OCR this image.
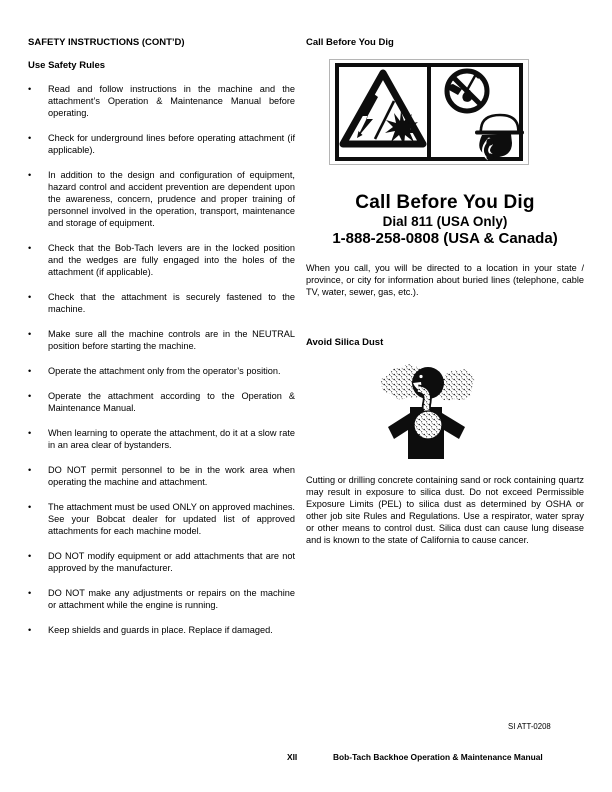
SAFETY INSTRUCTIONS (CONT’D)
Use Safety Rules
•	Read and follow instructions in the machine and the attachment’s Operation & Maintenance Manual before operating.
•	Check for underground lines before operating attachment (if applicable).
•	In addition to the design and configuration of equipment, hazard control and accident prevention are dependent upon the awareness, concern, prudence and proper training of personnel involved in the operation, transport, maintenance and storage of equipment.
•	Check that the Bob-Tach levers are in the locked position and the wedges are fully engaged into the holes of the attachment (if applicable).
•	Check that the attachment is securely fastened to the machine.
•	Make sure all the machine controls are in the NEUTRAL position before starting the machine.
•	Operate the attachment only from the operator’s position.
•	Operate the attachment according to the Operation & Maintenance Manual.
•	When learning to operate the attachment, do it at a slow rate in an area clear of bystanders.
•	DO NOT permit personnel to be in the work area when operating the machine and attachment.
•	The attachment must be used ONLY on approved machines. See your Bobcat dealer for updated list of approved attachments for each machine model.
•	DO NOT modify equipment or add attachments that are not approved by the manufacturer.
•	DO NOT make any adjustments or repairs on the machine or attachment while the engine is running.
•	Keep shields and guards in place. Replace if damaged.
Call Before You Dig
Call Before You Dig
Dial 811 (USA Only)
1-888-258-0808 (USA & Canada)
When you call, you will be directed to a location in your state / province, or city for information about buried lines (telephone, cable TV, water, sewer, gas, etc.).
Avoid Silica Dust
Cutting or drilling concrete containing sand or rock containing quartz may result in exposure to silica dust. Do not exceed Permissible Exposure Limits (PEL) to silica dust as determined by OSHA or other job site Rules and Regulations. Use a respirator, water spray or other means to control dust. Silica dust can cause lung disease and is known to the state of California to cause cancer.
SI ATT-0208
XII	Bob-Tach Backhoe Operation & Maintenance Manual
